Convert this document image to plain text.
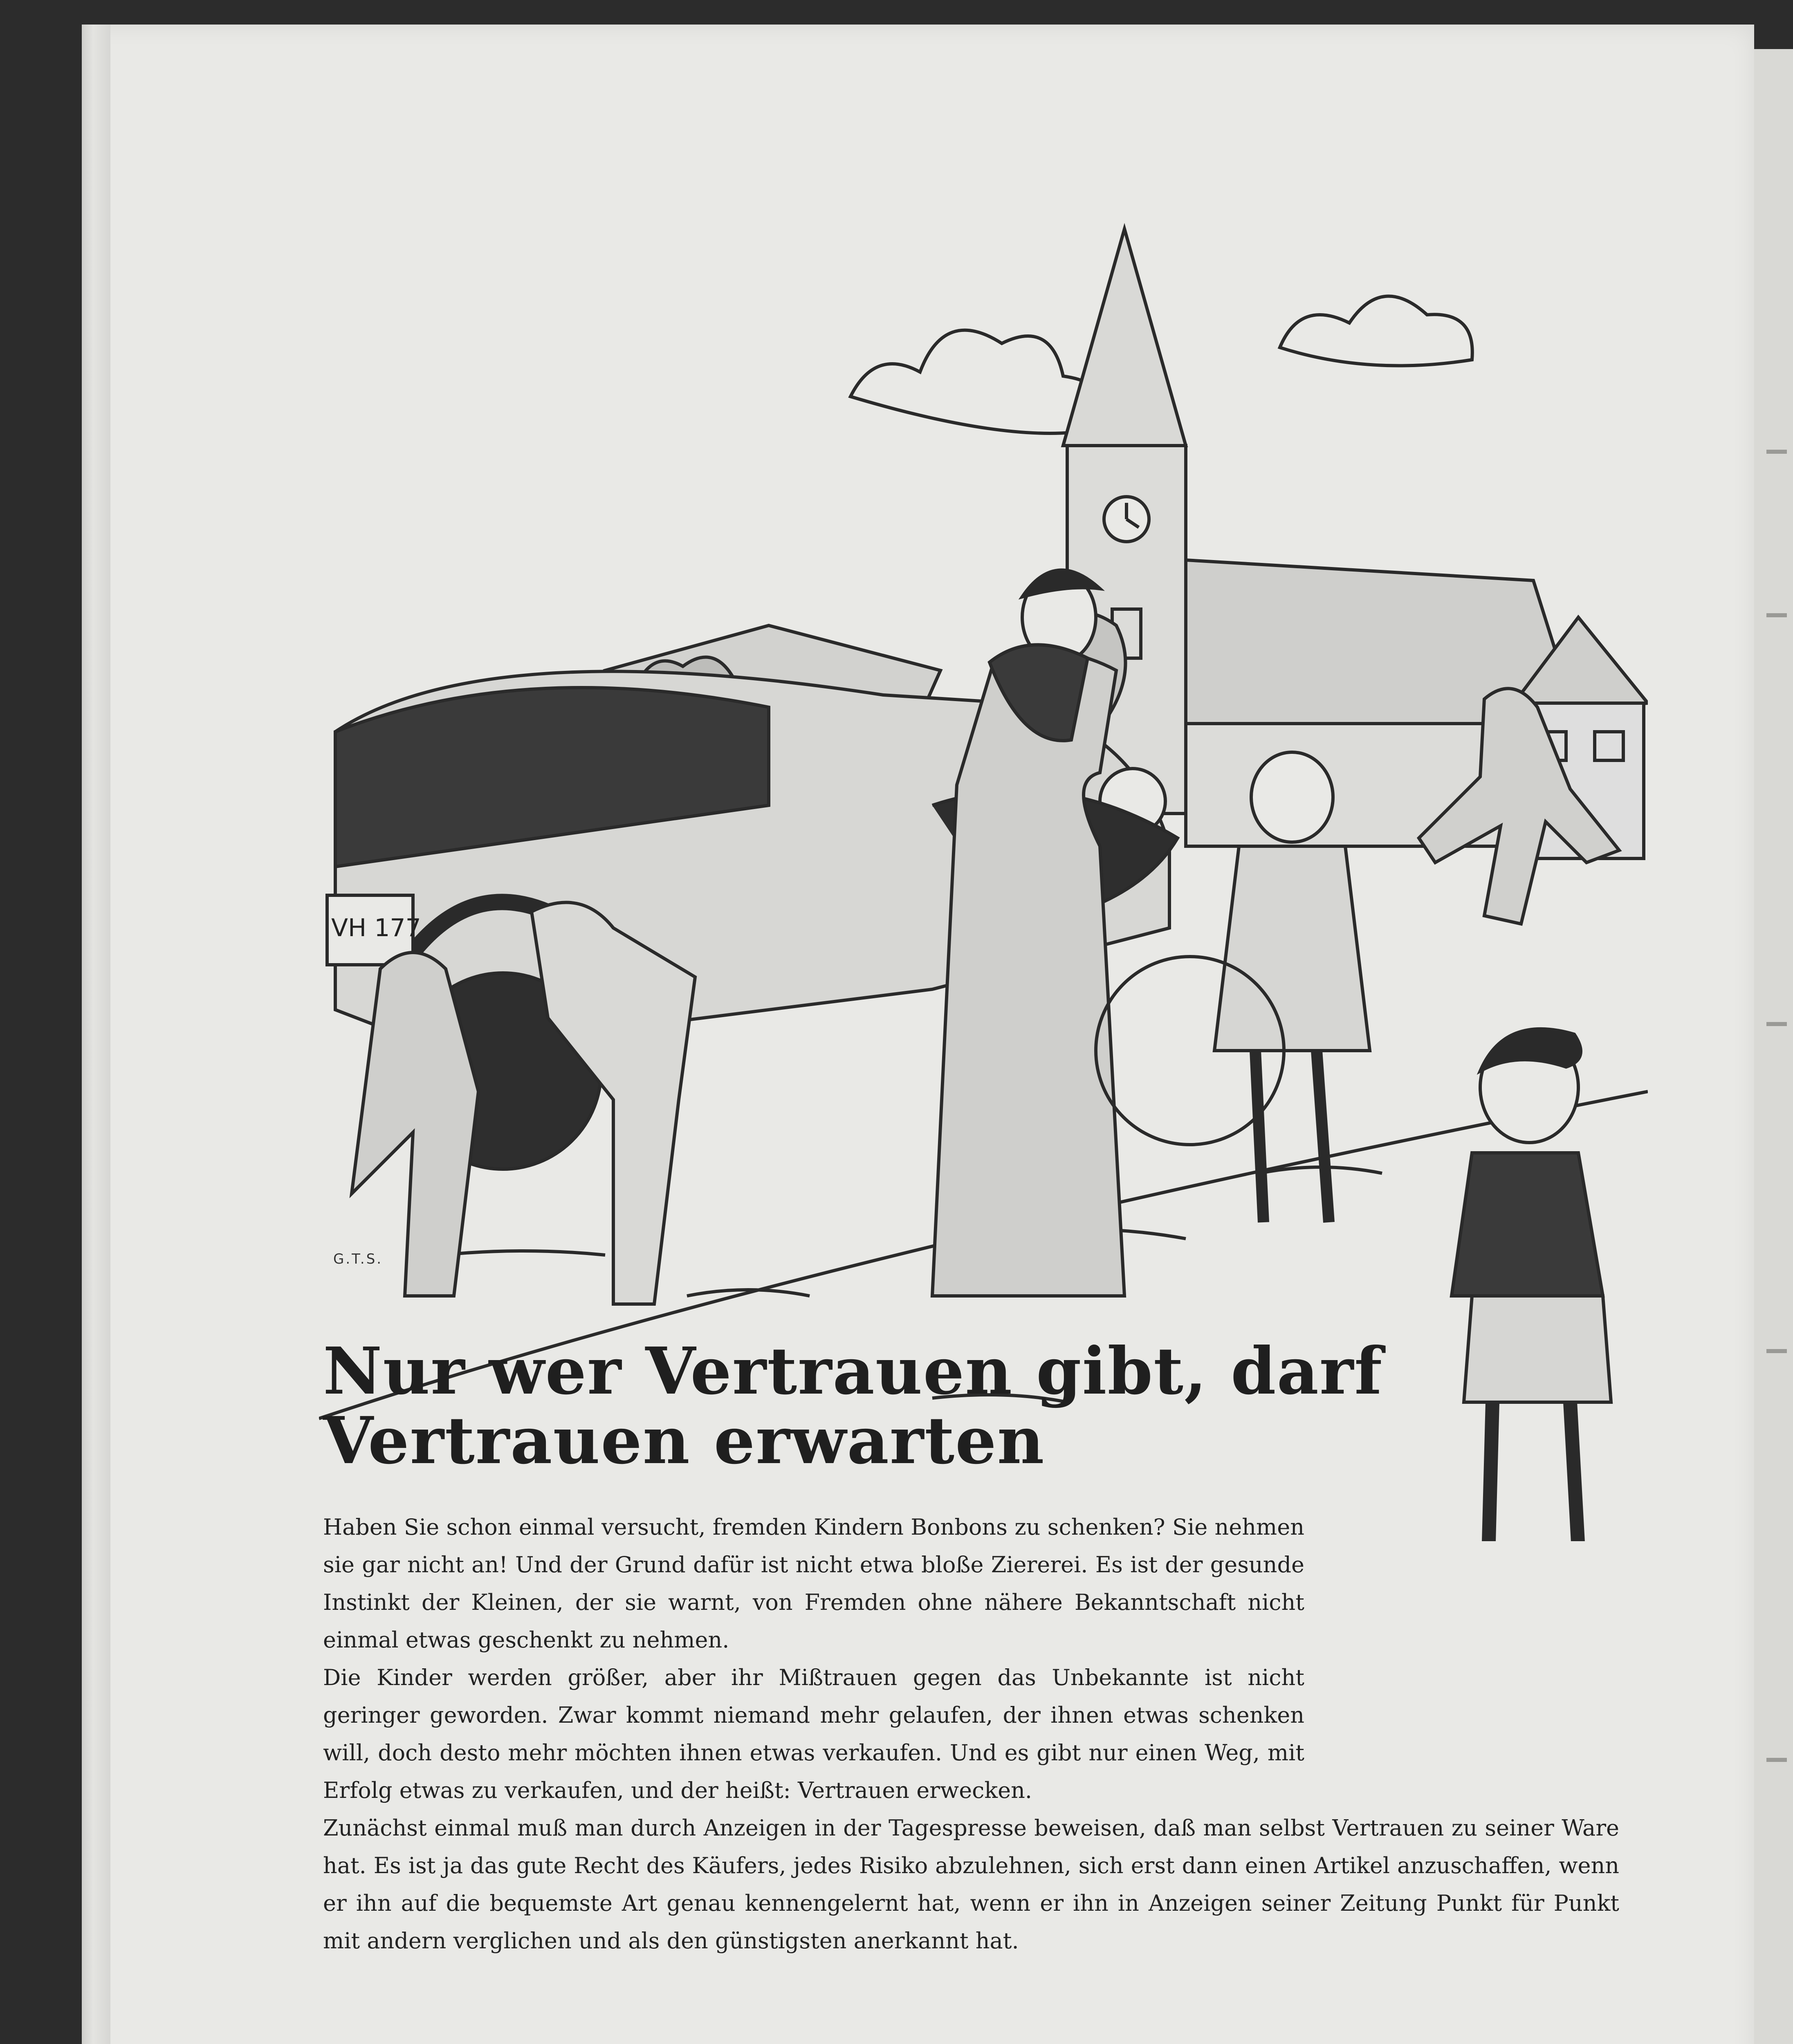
VH 177
G.T.S.
Nur wer Vertrauen gibt, darf
Vertrauen erwarten

Haben Sie schon einmal versucht, fremden Kindern Bonbons zu schenken? Sie nehmen sie gar nicht an! Und der Grund dafür ist nicht etwa bloße Ziererei. Es ist der gesunde Instinkt der Kleinen, der sie warnt, von Fremden ohne nähere Bekanntschaft nicht einmal etwas geschenkt zu nehmen.

Die Kinder werden größer, aber ihr Mißtrauen gegen das Unbekannte ist nicht geringer geworden. Zwar kommt niemand mehr gelaufen, der ihnen etwas schenken will, doch desto mehr möchten ihnen etwas verkaufen. Und es gibt nur einen Weg, mit Erfolg etwas zu verkaufen, und der heißt: Vertrauen erwecken.

Zunächst einmal muß man durch Anzeigen in der Tagespresse beweisen, daß man selbst Vertrauen zu seiner Ware hat. Es ist ja das gute Recht des Käufers, jedes Risiko abzulehnen, sich erst dann einen Artikel anzuschaffen, wenn er ihn auf die bequemste Art genau kennengelernt hat, wenn er ihn in Anzeigen seiner Zeitung Punkt für Punkt mit andern verglichen und als den günstigsten anerkannt hat.
